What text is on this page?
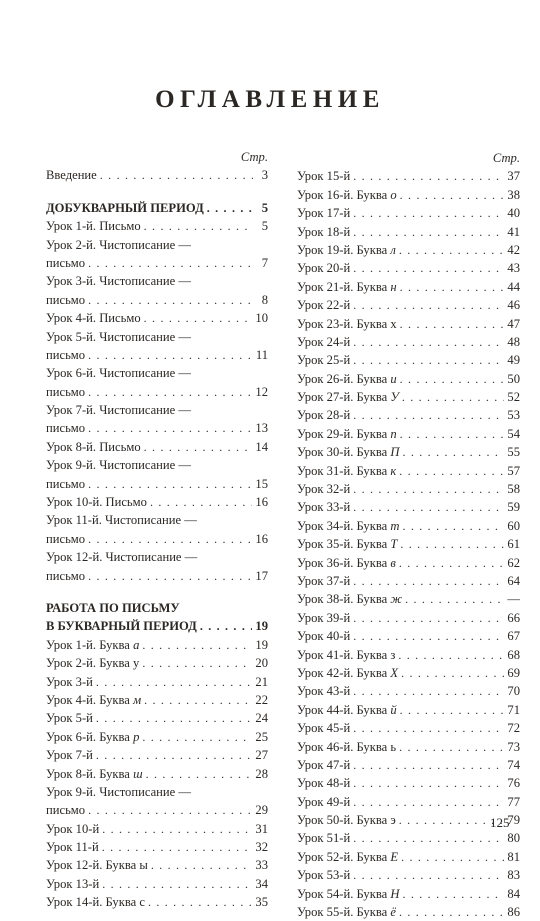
ОГЛАВЛЕНИЕ
Стр.
Введение . . .	3
ДОБУКВАРНЫЙ ПЕРИОД . . .	5
Урок 1-й. Письмо . . .	5
Урок 2-й. Чистописание —
письмо . . .	7
Урок 3-й. Чистописание —
письмо . . .	8
Урок 4-й. Письмо . . .	10
Урок 5-й. Чистописание —
письмо . . .	11
Урок 6-й. Чистописание —
письмо . . .	12
Урок 7-й. Чистописание —
письмо . . .	13
Урок 8-й. Письмо . . .	14
Урок 9-й. Чистописание —
письмо . . .	15
Урок 10-й. Письмо . . .	16
Урок 11-й. Чистописание —
письмо . . .	16
Урок 12-й. Чистописание —
письмо . . .	17
РАБОТА ПО ПИСЬМУ
В БУКВАРНЫЙ ПЕРИОД . . .	19
Урок 1-й. Буква а . . .	19
Урок 2-й. Буква у . . .	20
Урок 3-й . . .	21
Урок 4-й. Буква м . . .	22
Урок 5-й . . .	24
Урок 6-й. Буква р . . .	25
Урок 7-й . . .	27
Урок 8-й. Буква ш . . .	28
Урок 9-й. Чистописание —
письмо . . .	29
Урок 10-й . . .	31
Урок 11-й . . .	32
Урок 12-й. Буква ы . . .	33
Урок 13-й . . .	34
Урок 14-й. Буква с . . .	35
Стр.
Урок 15-й . . .	37
Урок 16-й. Буква о . . .	38
Урок 17-й . . .	40
Урок 18-й . . .	41
Урок 19-й. Буква л . . .	42
Урок 20-й . . .	43
Урок 21-й. Буква н . . .	44
Урок 22-й . . .	46
Урок 23-й. Буква х . . .	47
Урок 24-й . . .	48
Урок 25-й . . .	49
Урок 26-й. Буква и . . .	50
Урок 27-й. Буква У . . .	52
Урок 28-й . . .	53
Урок 29-й. Буква п . . .	54
Урок 30-й. Буква П . . .	55
Урок 31-й. Буква к . . .	57
Урок 32-й . . .	58
Урок 33-й . . .	59
Урок 34-й. Буква т . . .	60
Урок 35-й. Буква Т . . .	61
Урок 36-й. Буква в . . .	62
Урок 37-й . . .	64
Урок 38-й. Буква ж . . .	—
Урок 39-й . . .	66
Урок 40-й . . .	67
Урок 41-й. Буква з . . .	68
Урок 42-й. Буква Х . . .	69
Урок 43-й . . .	70
Урок 44-й. Буква й . . .	71
Урок 45-й . . .	72
Урок 46-й. Буква ь . . .	73
Урок 47-й . . .	74
Урок 48-й . . .	76
Урок 49-й . . .	77
Урок 50-й. Буква э . . .	79
Урок 51-й . . .	80
Урок 52-й. Буква Е . . .	81
Урок 53-й . . .	83
Урок 54-й. Буква Н . . .	84
Урок 55-й. Буква ё . . .	86
125
